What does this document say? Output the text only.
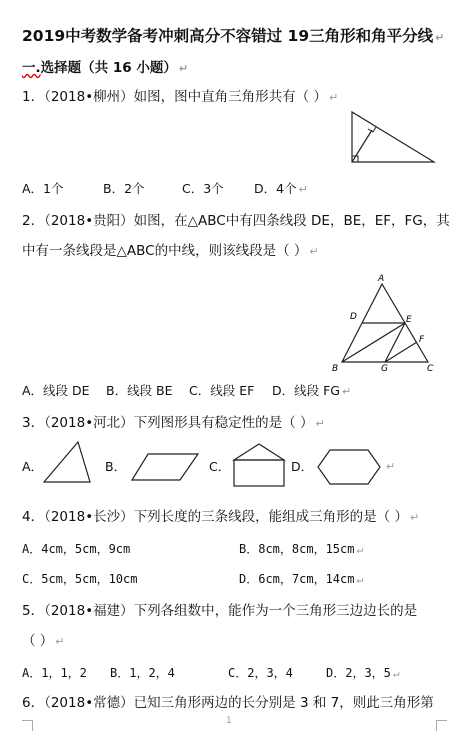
2019中考数学备考冲刺高分不容错过 19三角形和角平分线 ↵
一.选择题（共 16 小题） ↵
1．（2018•柳州）如图，图中直角三角形共有（ ） ↵
A．1个	B．2个	C．3个 D．4个 ↵
2．（2018•贵阳）如图，在△ABC中有四条线段 DE，BE，EF，FG，其
中有一条线段是△ABC的中线，则该线段是（ ） ↵
A
D	E
F
B	G	C
A．线段 DE B．线段 BE C．线段 EF D．线段 FG ↵
3．（2018•河北）下列图形具有稳定性的是（ ） ↵
A．	B．	C．	D．	↵
4．（2018•长沙）下列长度的三条线段，能组成三角形的是（ ） ↵
A．4cm，5cm，9cm	B．8cm，8cm，15cm ↵
C．5cm，5cm，10cm	D．6cm，7cm，14cm ↵
5．（2018•福建）下列各组数中，能作为一个三角形三边边长的是
（ ） ↵
A．1，1，2 B．1，2，4	C．2，3，4	D．2，3，5 ↵
6．（2018•常德）已知三角形两边的长分别是 3 和 7，则此三角形第
1
